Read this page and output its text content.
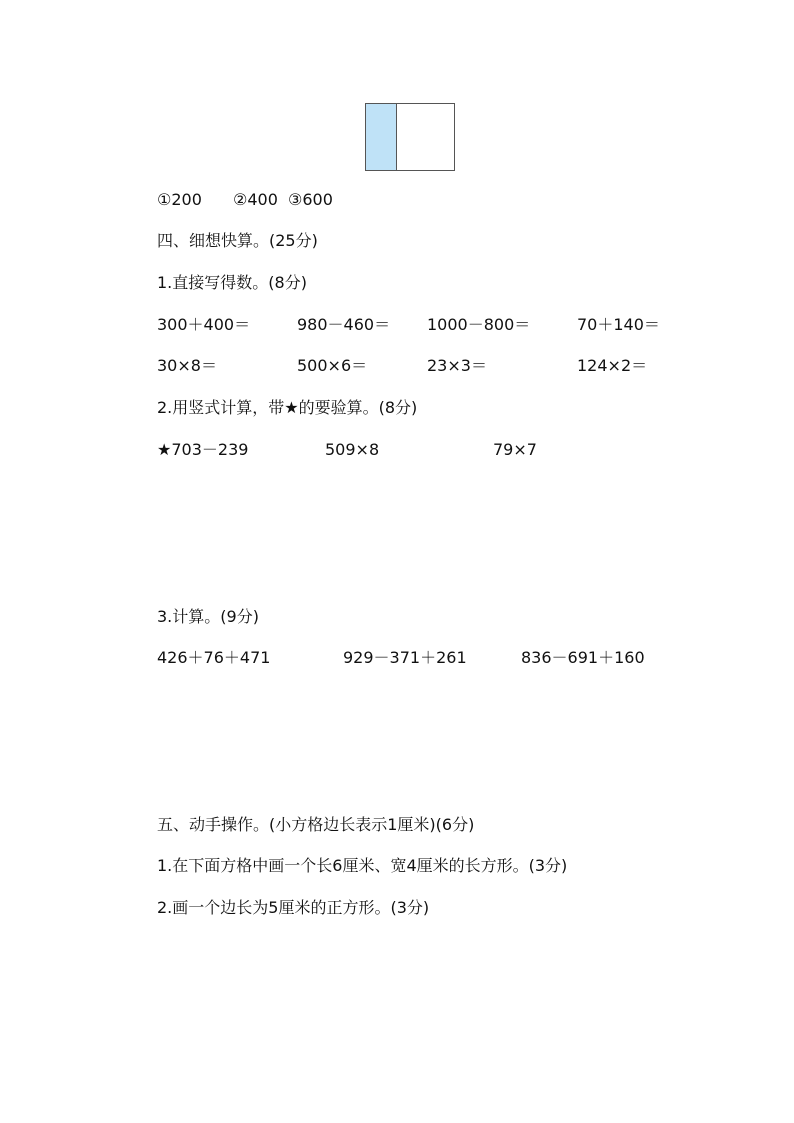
①200 ②400 ③600
四、细想快算。(25分)
1.直接写得数。(8分)
300＋400＝	980－460＝ 1000－800＝	70＋140＝
30×8＝	500×6＝	23×3＝	124×2＝
2.用竖式计算，带★的要验算。(8分)
★703－239	509×8	79×7
3.计算。(9分)
426＋76＋471	929－371＋261	836－691＋160
五、动手操作。(小方格边长表示1厘米)(6分)
1.在下面方格中画一个长6厘米、宽4厘米的长方形。(3分)
2.画一个边长为5厘米的正方形。(3分)
